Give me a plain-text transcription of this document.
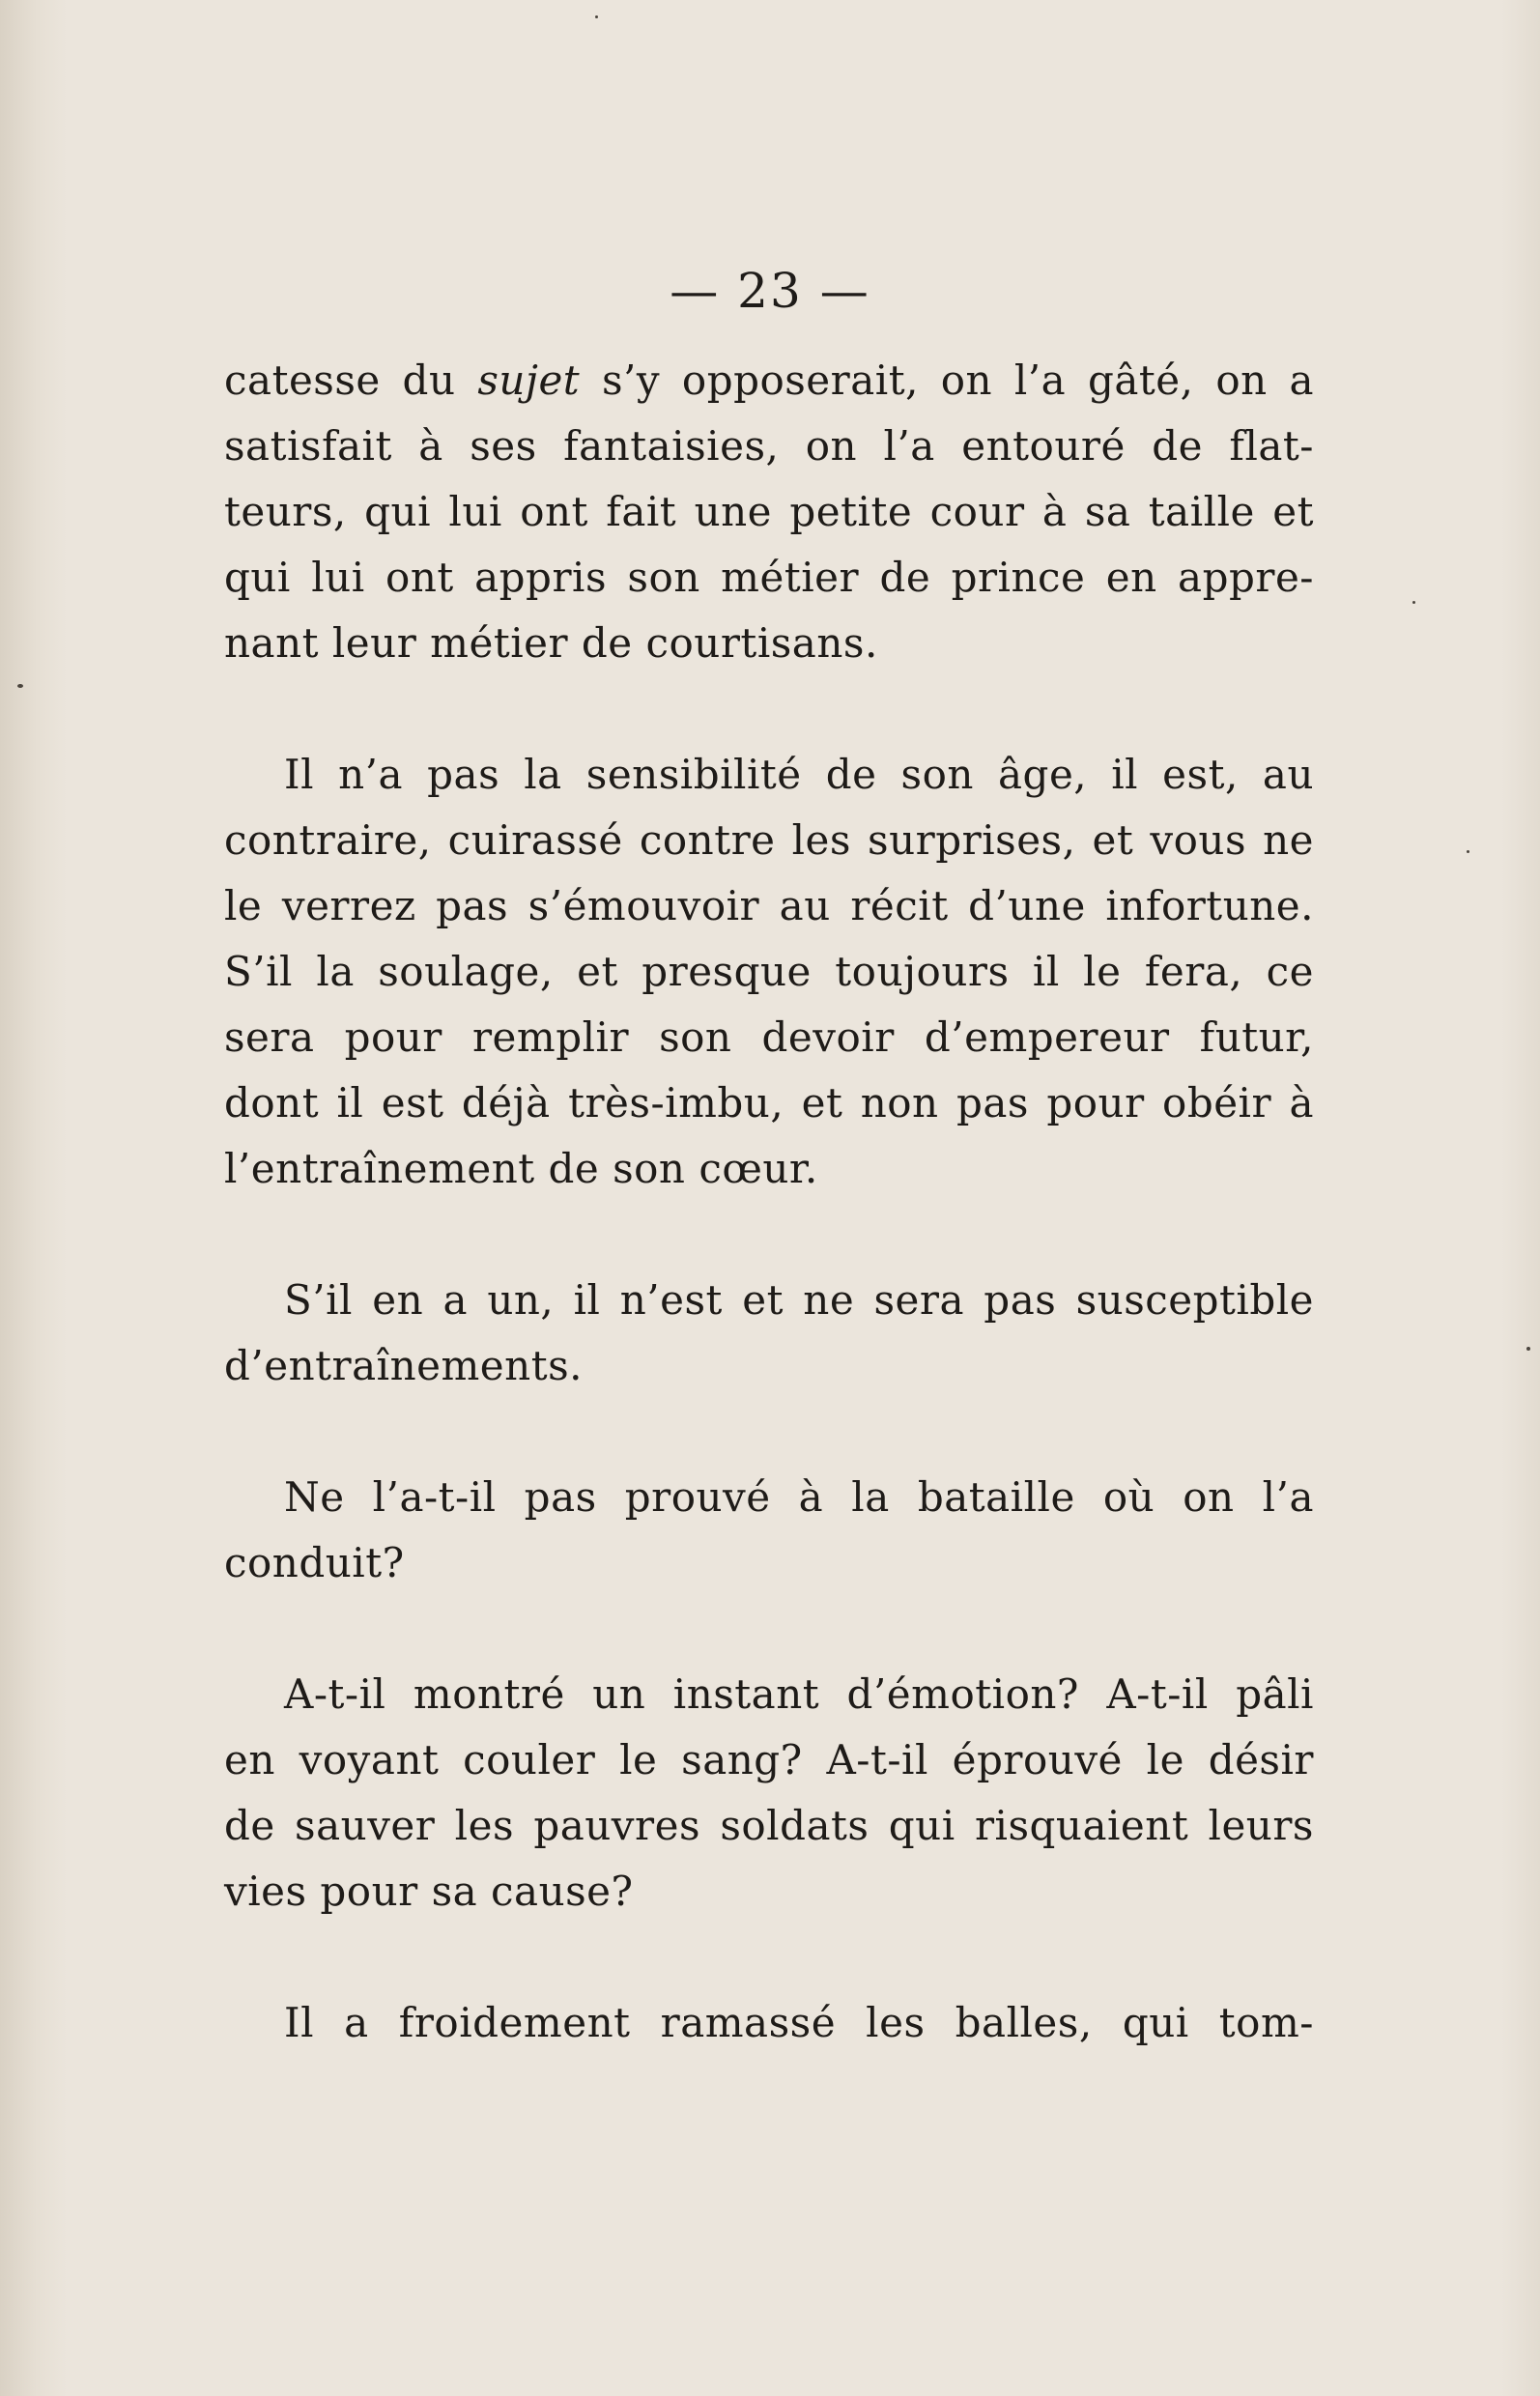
— 23 —

catesse du sujet s’y opposerait, on l’a gâté, on a
satisfait à ses fantaisies, on l’a entouré de flat-
teurs, qui lui ont fait une petite cour à sa taille et
qui lui ont appris son métier de prince en appre-
nant leur métier de courtisans.

Il n’a pas la sensibilité de son âge, il est, au
contraire, cuirassé contre les surprises, et vous ne
le verrez pas s’émouvoir au récit d’une infortune.
S’il la soulage, et presque toujours il le fera, ce
sera pour remplir son devoir d’empereur futur,
dont il est déjà très-imbu, et non pas pour obéir à
l’entraînement de son cœur.

S’il en a un, il n’est et ne sera pas susceptible
d’entraînements.

Ne l’a-t-il pas prouvé à la bataille où on l’a
conduit?

A-t-il montré un instant d’émotion? A-t-il pâli
en voyant couler le sang? A-t-il éprouvé le désir
de sauver les pauvres soldats qui risquaient leurs
vies pour sa cause?

Il a froidement ramassé les balles, qui tom-
